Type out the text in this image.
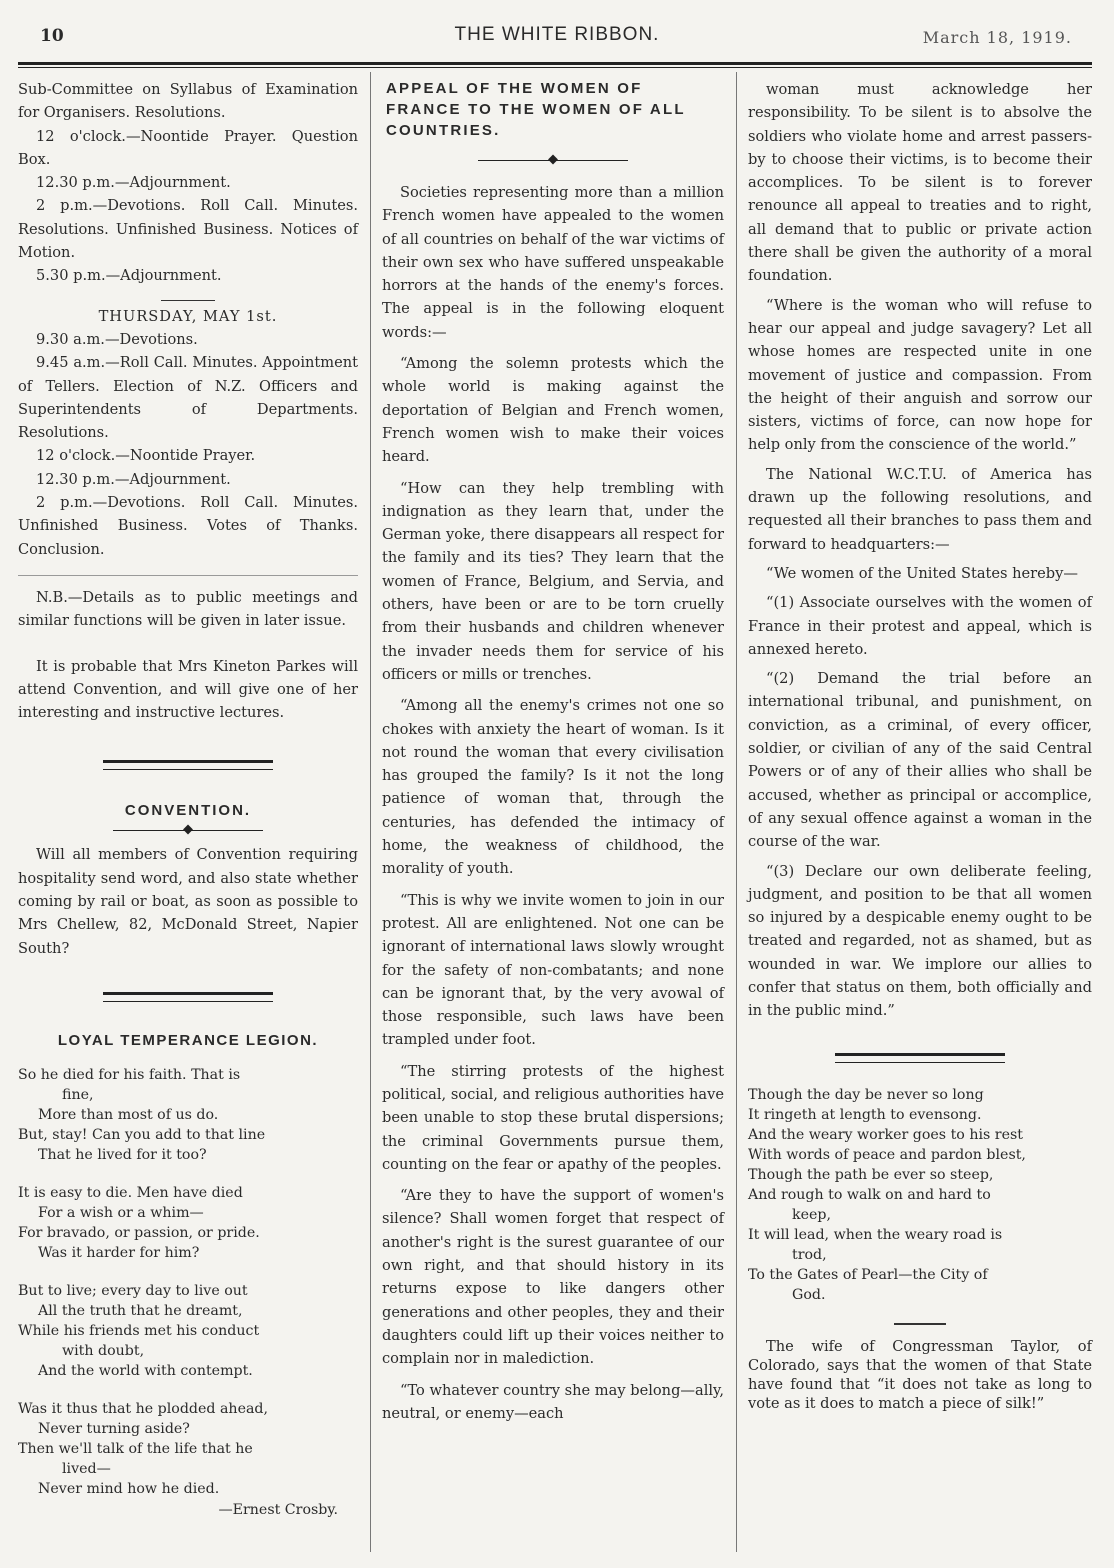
10	THE WHITE RIBBON.	March 18, 1919.

Sub-Committee on Syllabus of Examination for Organisers. Resolutions.

12 o'clock.—Noontide Prayer. Question Box.

12.30 p.m.—Adjournment.

2 p.m.—Devotions. Roll Call. Minutes. Resolutions. Unfinished Business. Notices of Motion.

5.30 p.m.—Adjournment.

THURSDAY, MAY 1st.

9.30 a.m.—Devotions.

9.45 a.m.—Roll Call. Minutes. Appointment of Tellers. Election of N.Z. Officers and Superintendents of Departments. Resolutions.

12 o'clock.—Noontide Prayer.

12.30 p.m.—Adjournment.

2 p.m.—Devotions. Roll Call. Minutes. Unfinished Business. Votes of Thanks. Conclusion.

N.B.—Details as to public meetings and similar functions will be given in later issue.

It is probable that Mrs Kineton Parkes will attend Convention, and will give one of her interesting and instructive lectures.

CONVENTION.

Will all members of Convention requiring hospitality send word, and also state whether coming by rail or boat, as soon as possible to Mrs Chellew, 82, McDonald Street, Napier South?

LOYAL TEMPERANCE LEGION.

So he died for his faith. That is
fine,
More than most of us do.
But, stay! Can you add to that line
That he lived for it too?
It is easy to die. Men have died
For a wish or a whim—
For bravado, or passion, or pride.
Was it harder for him?
But to live; every day to live out
All the truth that he dreamt,
While his friends met his conduct
with doubt,
And the world with contempt.
Was it thus that he plodded ahead,
Never turning aside?
Then we'll talk of the life that he
lived—
Never mind how he died.

—Ernest Crosby.

APPEAL OF THE WOMEN OF FRANCE TO THE WOMEN OF ALL COUNTRIES.

Societies representing more than a million French women have appealed to the women of all countries on behalf of the war victims of their own sex who have suffered unspeakable horrors at the hands of the enemy's forces. The appeal is in the following eloquent words:—

“Among the solemn protests which the whole world is making against the deportation of Belgian and French women, French women wish to make their voices heard.

“How can they help trembling with indignation as they learn that, under the German yoke, there disappears all respect for the family and its ties? They learn that the women of France, Belgium, and Servia, and others, have been or are to be torn cruelly from their husbands and children whenever the invader needs them for service of his officers or mills or trenches.

“Among all the enemy's crimes not one so chokes with anxiety the heart of woman. Is it not round the woman that every civilisation has grouped the family? Is it not the long patience of woman that, through the centuries, has defended the intimacy of home, the weakness of childhood, the morality of youth.

“This is why we invite women to join in our protest. All are enlightened. Not one can be ignorant of international laws slowly wrought for the safety of non-combatants; and none can be ignorant that, by the very avowal of those responsible, such laws have been trampled under foot.

“The stirring protests of the highest political, social, and religious authorities have been unable to stop these brutal dispersions; the criminal Governments pursue them, counting on the fear or apathy of the peoples.

“Are they to have the support of women's silence? Shall women forget that respect of another's right is the surest guarantee of our own right, and that should history in its returns expose to like dangers other generations and other peoples, they and their daughters could lift up their voices neither to complain nor in malediction.

“To whatever country she may belong—ally, neutral, or enemy—each

woman must acknowledge her responsibility. To be silent is to absolve the soldiers who violate home and arrest passers-by to choose their victims, is to become their accomplices. To be silent is to forever renounce all appeal to treaties and to right, all demand that to public or private action there shall be given the authority of a moral foundation.

“Where is the woman who will refuse to hear our appeal and judge savagery? Let all whose homes are respected unite in one movement of justice and compassion. From the height of their anguish and sorrow our sisters, victims of force, can now hope for help only from the conscience of the world.”

The National W.C.T.U. of America has drawn up the following resolutions, and requested all their branches to pass them and forward to headquarters:—

“We women of the United States hereby—

“(1) Associate ourselves with the women of France in their protest and appeal, which is annexed hereto.

“(2) Demand the trial before an international tribunal, and punishment, on conviction, as a criminal, of every officer, soldier, or civilian of any of the said Central Powers or of any of their allies who shall be accused, whether as principal or accomplice, of any sexual offence against a woman in the course of the war.

“(3) Declare our own deliberate feeling, judgment, and position to be that all women so injured by a despicable enemy ought to be treated and regarded, not as shamed, but as wounded in war. We implore our allies to confer that status on them, both officially and in the public mind.”

Though the day be never so long
It ringeth at length to evensong.
And the weary worker goes to his rest
With words of peace and pardon blest,
Though the path be ever so steep,
And rough to walk on and hard to
keep,
It will lead, when the weary road is
trod,
To the Gates of Pearl—the City of
God.

The wife of Congressman Taylor, of Colorado, says that the women of that State have found that “it does not take as long to vote as it does to match a piece of silk!”
